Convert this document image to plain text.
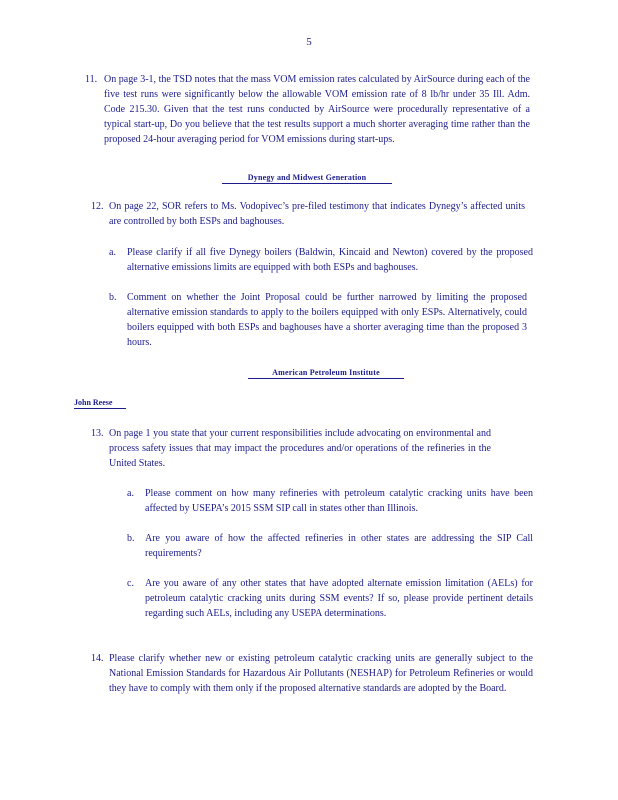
5
11. On page 3-1, the TSD notes that the mass VOM emission rates calculated by AirSource during each of the five test runs were significantly below the allowable VOM emission rate of 8 lb/hr under 35 Ill. Adm. Code 215.30. Given that the test runs conducted by AirSource were procedurally representative of a typical start-up, Do you believe that the test results support a much shorter averaging time rather than the proposed 24-hour averaging period for VOM emissions during start-ups.
Dynegy and Midwest Generation
12. On page 22, SOR refers to Ms. Vodopivec’s pre-filed testimony that indicates Dynegy’s affected units are controlled by both ESPs and baghouses.
a. Please clarify if all five Dynegy boilers (Baldwin, Kincaid and Newton) covered by the proposed alternative emissions limits are equipped with both ESPs and baghouses.
b. Comment on whether the Joint Proposal could be further narrowed by limiting the proposed alternative emission standards to apply to the boilers equipped with only ESPs. Alternatively, could boilers equipped with both ESPs and baghouses have a shorter averaging time than the proposed 3 hours.
American Petroleum Institute
John Reese
13. On page 1 you state that your current responsibilities include advocating on environmental and process safety issues that may impact the procedures and/or operations of the refineries in the United States.
a. Please comment on how many refineries with petroleum catalytic cracking units have been affected by USEPA’s 2015 SSM SIP call in states other than Illinois.
b. Are you aware of how the affected refineries in other states are addressing the SIP Call requirements?
c. Are you aware of any other states that have adopted alternate emission limitation (AELs) for petroleum catalytic cracking units during SSM events? If so, please provide pertinent details regarding such AELs, including any USEPA determinations.
14. Please clarify whether new or existing petroleum catalytic cracking units are generally subject to the National Emission Standards for Hazardous Air Pollutants (NESHAP) for Petroleum Refineries or would they have to comply with them only if the proposed alternative standards are adopted by the Board.
